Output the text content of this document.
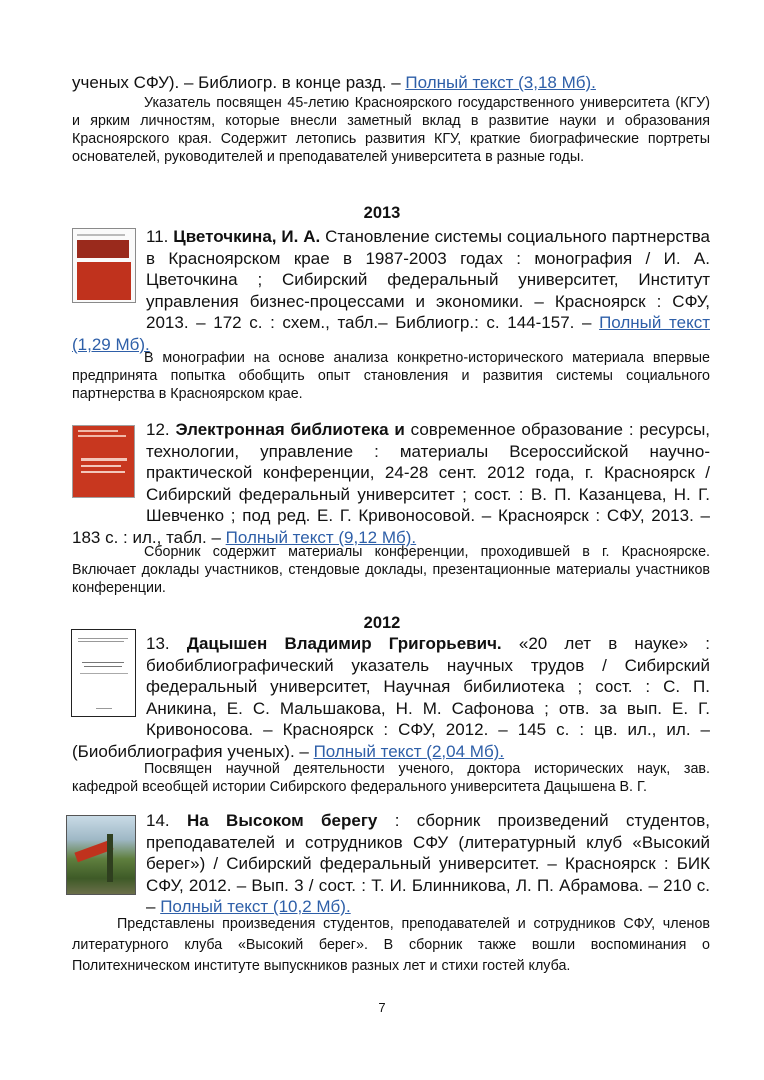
ученых СФУ). – Библиогр. в конце разд. – Полный текст (3,18 Мб).

Указатель посвящен 45-летию Красноярского государственного университета (КГУ) и ярким личностям, которые внесли заметный вклад в развитие науки и образования Красноярского края. Содержит летопись развития КГУ, краткие биографические портреты основателей, руководителей и преподавателей университета в разные годы.

2013

11. Цветочкина, И. А. Становление системы социального партнерства в Красноярском крае в 1987-2003 годах : монография / И. А. Цветочкина ; Сибирский федеральный университет, Институт управления бизнес-процессами и экономики. – Красноярск : СФУ, 2013. – 172 с. : схем., табл.– Библиогр.: с. 144-157. – Полный текст (1,29 Мб).

В монографии на основе анализа конкретно-исторического материала впервые предпринята попытка обобщить опыт становления и развития системы социального партнерства в Красноярском крае.

12. Электронная библиотека и современное образование : ресурсы, технологии, управление : материалы Всероссийской научно-практической конференции, 24-28 сент. 2012 года, г. Красноярск / Сибирский федеральный университет ; сост. : В. П. Казанцева, Н. Г. Шевченко ; под ред. Е. Г. Кривоносовой. – Красноярск : СФУ, 2013. – 183 с. : ил., табл. – Полный текст (9,12 Мб).

Сборник содержит материалы конференции, проходившей в г. Красноярске. Включает доклады участников, стендовые доклады, презентационные материалы участников конференции.

2012

13. Дацышен Владимир Григорьевич. «20 лет в науке» : биобиблиографический указатель научных трудов / Сибирский федеральный университет, Научная бибилиотека ; сост. : С. П. Аникина, Е. С. Мальшакова, Н. М. Сафонова ; отв. за вып. Е. Г. Кривоносова. – Красноярск : СФУ, 2012. – 145 с. : цв. ил., ил. – (Биобиблиография ученых). – Полный текст (2,04 Мб).

Посвящен научной деятельности ученого, доктора исторических наук, зав. кафедрой всеобщей истории Сибирского федерального университета Дацышена В. Г.

14. На Высоком берегу : сборник произведений студентов, преподавателей и сотрудников СФУ (литературный клуб «Высокий берег») / Сибирский федеральный университет. – Красноярск : БИК СФУ, 2012. – Вып. 3 / сост. : Т. И. Блинникова, Л. П. Абрамова. – 210 с. – Полный текст (10,2 Мб).

Представлены произведения студентов, преподавателей и сотрудников СФУ, членов литературного клуба «Высокий берег». В сборник также вошли воспоминания о Политехническом институте выпускников разных лет и стихи гостей клуба.

7
